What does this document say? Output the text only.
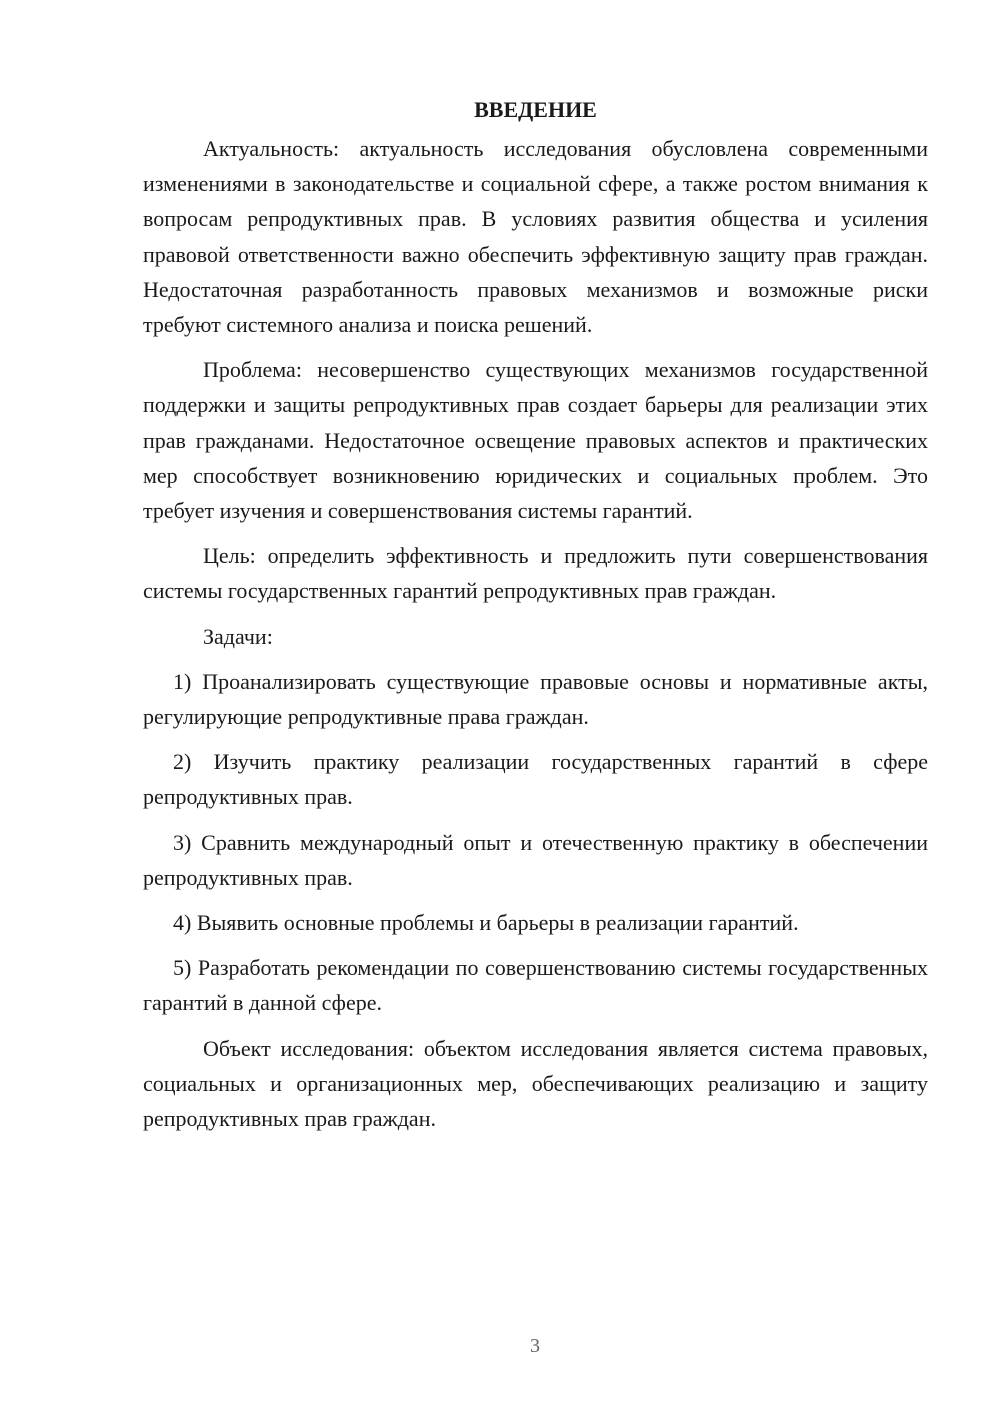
ВВЕДЕНИЕ

Актуальность: актуальность исследования обусловлена современными изменениями в законодательстве и социальной сфере, а также ростом внимания к вопросам репродуктивных прав. В условиях развития общества и усиления правовой ответственности важно обеспечить эффективную защиту прав граждан. Недостаточная разработанность правовых механизмов и возможные риски требуют системного анализа и поиска решений.

Проблема: несовершенство существующих механизмов государственной поддержки и защиты репродуктивных прав создает барьеры для реализации этих прав гражданами. Недостаточное освещение правовых аспектов и практических мер способствует возникновению юридических и социальных проблем. Это требует изучения и совершенствования системы гарантий.

Цель: определить эффективность и предложить пути совершенствования системы государственных гарантий репродуктивных прав граждан.

Задачи:

1) Проанализировать существующие правовые основы и нормативные акты, регулирующие репродуктивные права граждан.

2) Изучить практику реализации государственных гарантий в сфере репродуктивных прав.

3) Сравнить международный опыт и отечественную практику в обеспечении репродуктивных прав.

4) Выявить основные проблемы и барьеры в реализации гарантий.

5) Разработать рекомендации по совершенствованию системы государственных гарантий в данной сфере.

Объект исследования: объектом исследования является система правовых, социальных и организационных мер, обеспечивающих реализацию и защиту репродуктивных прав граждан.

3
